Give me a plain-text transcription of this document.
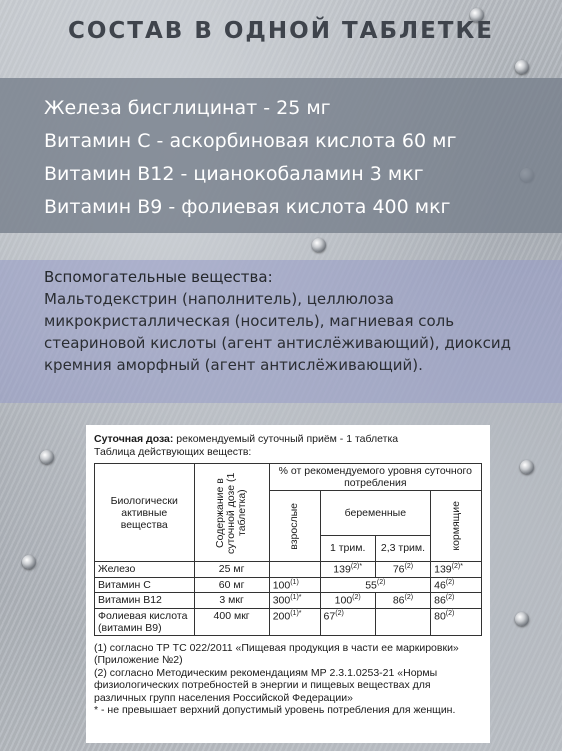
СОСТАВ В ОДНОЙ ТАБЛЕТКЕ
Железа бисглицинат - 25 мг
Витамин С - аскорбиновая кислота 60 мг
Витамин В12 - цианокобаламин 3 мкг
Витамин В9 - фолиевая кислота 400 мкг
Вспомогательные вещества:
Мальтодекстрин (наполнитель), целлюлоза микрокристаллическая (носитель), магниевая соль стеариновой кислоты (агент антислёживающий), диоксид кремния аморфный (агент антислёживающий).
Суточная доза: рекомендуемый суточный приём - 1 таблетка
Таблица действующих веществ:
Биологически активные вещества	Содержание в суточной дозе (1 таблетка)	% от рекомендуемого уровня суточного потребления			

		взрослые	беременные		кормящие

			1 трим.	2,3 трим.	
Железо	25 мг		$139^{(2)*}$	76$^{(2)}$	$139^{(2)*}$
Витамин С	60 мг	100$^{(1)}$	55$^{(2)}$		46$^{(2)}$
Витамин В12	3 мкг	$300^{(1)*}$	100$^{(2)}$	86$^{(2)}$	86$^{(2)}$
Фолиевая кислота (витамин В9)	400 мкг	$200^{(1)*}$	67$^{(2)}$		80$^{(2)}$
(1) согласно ТР ТС 022/2011 «Пищевая продукция в части ее маркировки» (Приложение №2)
(2) согласно Методическим рекомендациям МР 2.3.1.0253-21 «Нормы физиологических потребностей в энергии и пищевых веществах для различных групп населения Российской Федерации»
* - не превышает верхний допустимый уровень потребления для женщин.
